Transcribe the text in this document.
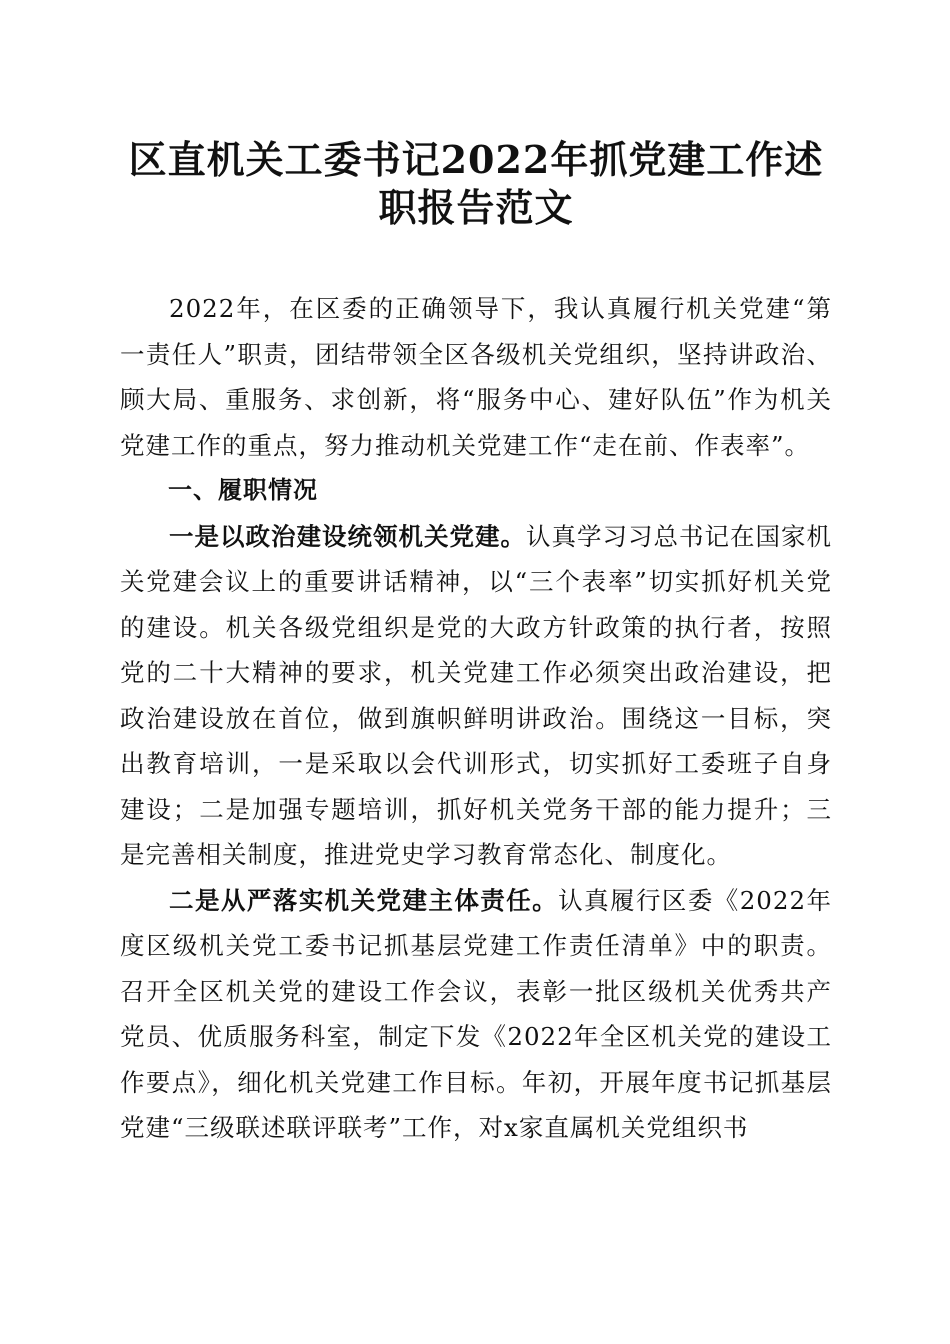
区直机关工委书记2022年抓党建工作述职报告范文

2022年，在区委的正确领导下，我认真履行机关党建“第一责任人”职责，团结带领全区各级机关党组织，坚持讲政治、顾大局、重服务、求创新，将“服务中心、建好队伍”作为机关党建工作的重点，努力推动机关党建工作“走在前、作表率”。

一、履职情况

一是以政治建设统领机关党建。认真学习习总书记在国家机关党建会议上的重要讲话精神，以“三个表率”切实抓好机关党的建设。机关各级党组织是党的大政方针政策的执行者，按照党的二十大精神的要求，机关党建工作必须突出政治建设，把政治建设放在首位，做到旗帜鲜明讲政治。围绕这一目标，突出教育培训，一是采取以会代训形式，切实抓好工委班子自身建设；二是加强专题培训，抓好机关党务干部的能力提升；三是完善相关制度，推进党史学习教育常态化、制度化。

二是从严落实机关党建主体责任。认真履行区委《2022年度区级机关党工委书记抓基层党建工作责任清单》中的职责。召开全区机关党的建设工作会议，表彰一批区级机关优秀共产党员、优质服务科室，制定下发《2022年全区机关党的建设工作要点》，细化机关党建工作目标。年初，开展年度书记抓基层党建“三级联述联评联考”工作，对x家直属机关党组织书
